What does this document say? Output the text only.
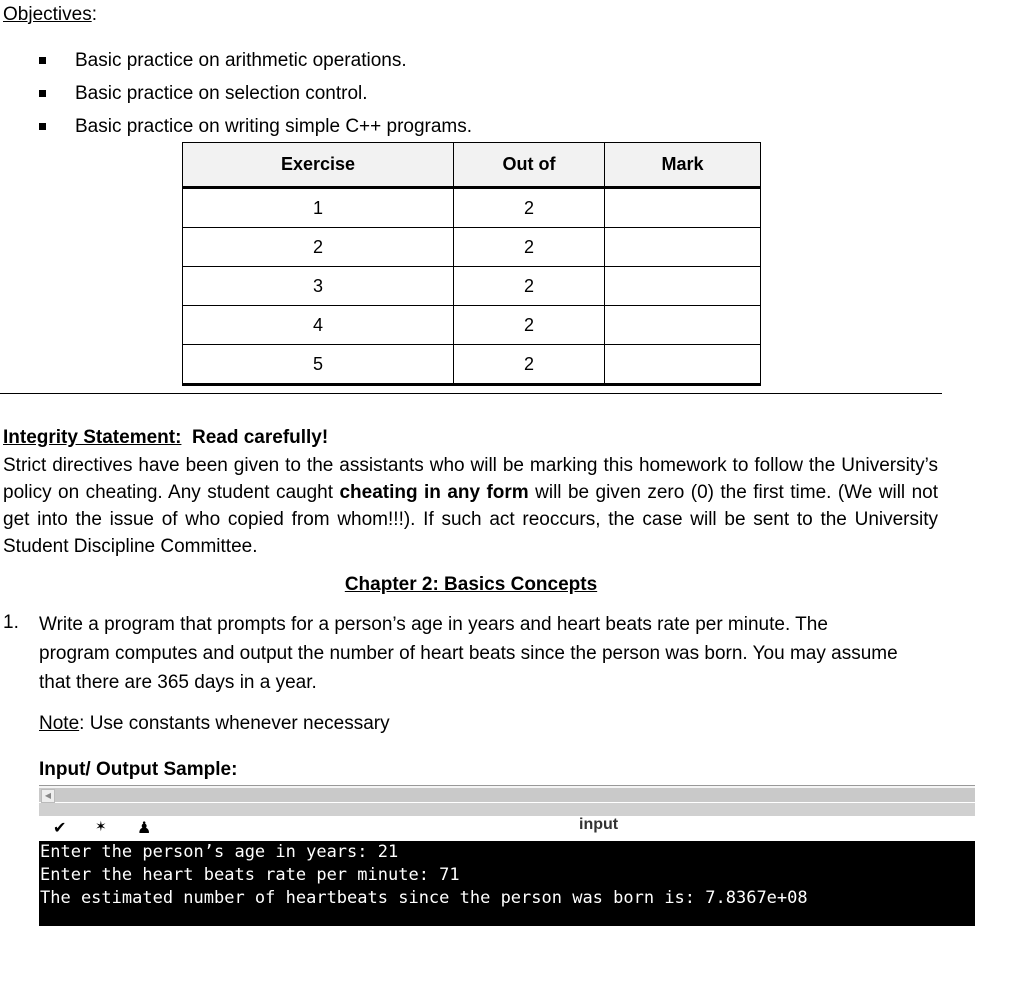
Objectives:
Basic practice on arithmetic operations.
Basic practice on selection control.
Basic practice on writing simple C++ programs.
Exercise	Out of	Mark
1	2	
2	2	
3	2	
4	2	
5	2	
Integrity Statement: Read carefully!
Strict directives have been given to the assistants who will be marking this homework to follow the University’s policy on cheating. Any student caught cheating in any form will be given zero (0) the first time. (We will not get into the issue of who copied from whom!!!). If such act reoccurs, the case will be sent to the University Student Discipline Committee.
Chapter 2: Basics Concepts
1. Write a program that prompts for a person’s age in years and heart beats rate per minute. The program computes and output the number of heart beats since the person was born. You may assume that there are 365 days in a year.
Note: Use constants whenever necessary
Input/ Output Sample:
◀
✔ ✶ ♟	input
Enter the person’s age in years: 21
Enter the heart beats rate per minute: 71
The estimated number of heartbeats since the person was born is: 7.8367e+08
